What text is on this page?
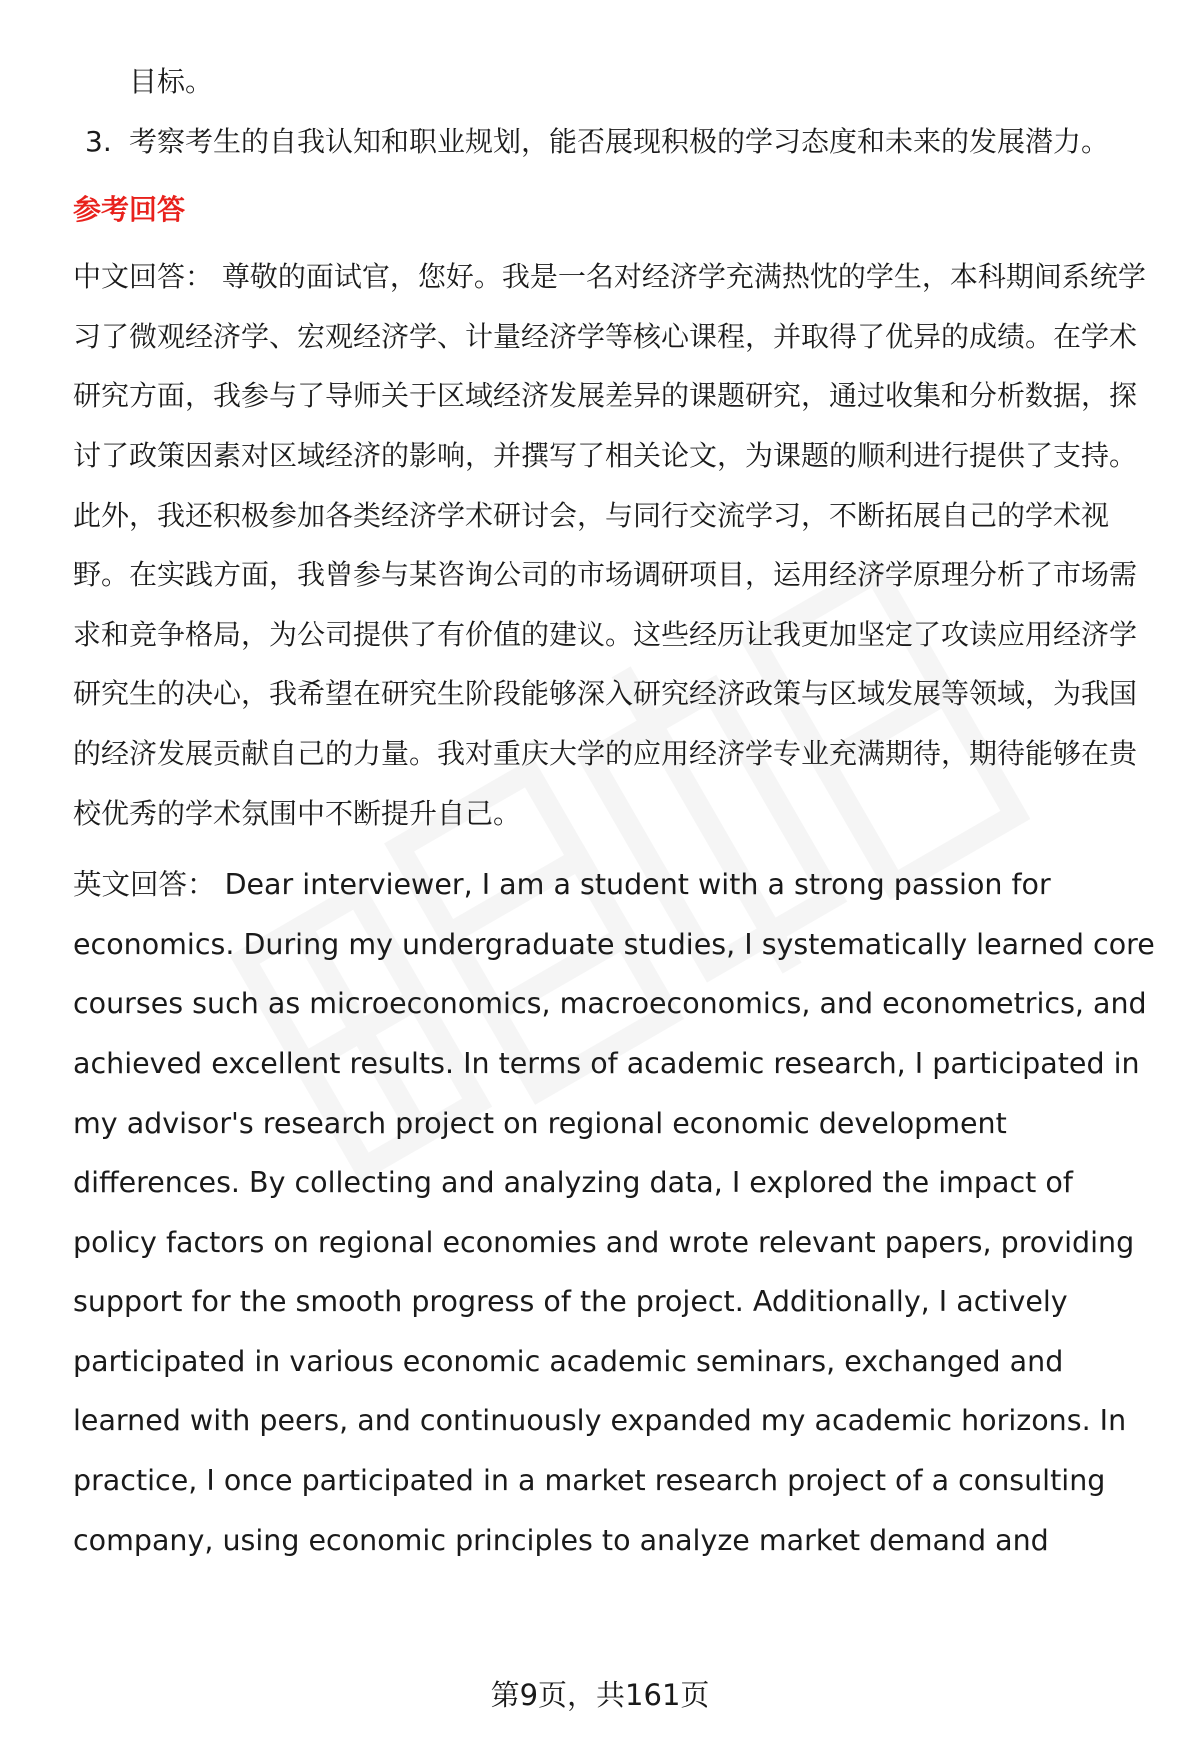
目标。

3. 考察考生的自我认知和职业规划，能否展现积极的学习态度和未来的发展潜力。
参考回答

中文回答： 尊敬的面试官，您好。我是一名对经济学充满热忱的学生，本科期间系统学习了微观经济学、宏观经济学、计量经济学等核心课程，并取得了优异的成绩。在学术研究方面，我参与了导师关于区域经济发展差异的课题研究，通过收集和分析数据，探讨了政策因素对区域经济的影响，并撰写了相关论文，为课题的顺利进行提供了支持。此外，我还积极参加各类经济学术研讨会，与同行交流学习，不断拓展自己的学术视野。在实践方面，我曾参与某咨询公司的市场调研项目，运用经济学原理分析了市场需求和竞争格局，为公司提供了有价值的建议。这些经历让我更加坚定了攻读应用经济学研究生的决心，我希望在研究生阶段能够深入研究经济政策与区域发展等领域，为我国的经济发展贡献自己的力量。我对重庆大学的应用经济学专业充满期待，期待能够在贵校优秀的学术氛围中不断提升自己。

英文回答： Dear interviewer, I am a student with a strong passion for economics. During my undergraduate studies, I systematically learned core courses such as microeconomics, macroeconomics, and econometrics, and achieved excellent results. In terms of academic research, I participated in my advisor's research project on regional economic development differences. By collecting and analyzing data, I explored the impact of policy factors on regional economies and wrote relevant papers, providing support for the smooth progress of the project. Additionally, I actively participated in various economic academic seminars, exchanged and learned with peers, and continuously expanded my academic horizons. In practice, I once participated in a market research project of a consulting company, using economic principles to analyze market demand and

第9页，共161页
